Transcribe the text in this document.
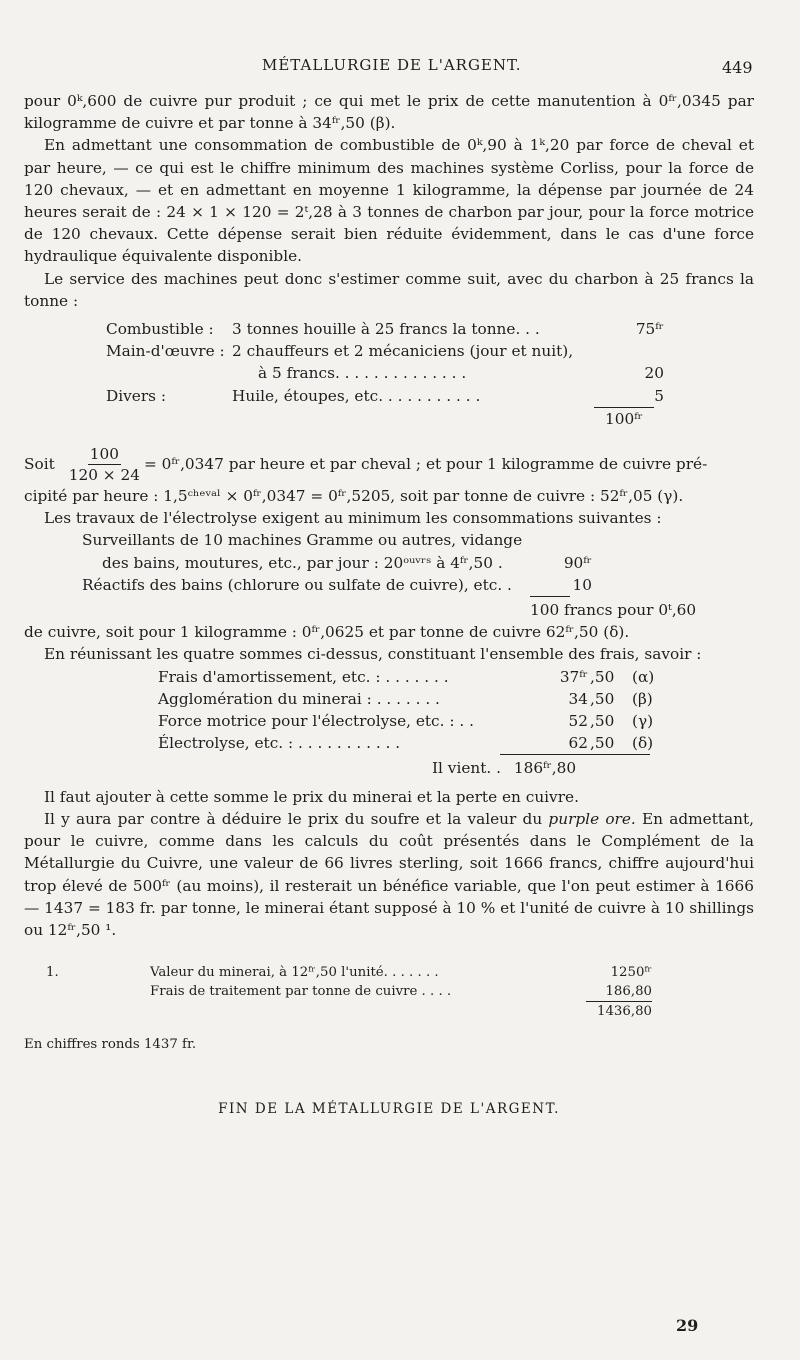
MÉTALLURGIE DE L'ARGENT.	449

pour 0ᵏ,600 de cuivre pur produit ; ce qui met le prix de cette manutention à 0ᶠʳ,0345 par kilogramme de cuivre et par tonne à 34ᶠʳ,50 (β).

En admettant une consommation de combustible de 0ᵏ,90 à 1ᵏ,20 par force de cheval et par heure, — ce qui est le chiffre minimum des machines système Corliss, pour la force de 120 chevaux, — et en admettant en moyenne 1 kilogramme, la dépense par journée de 24 heures serait de : 24 × 1 × 120 = 2ᵗ,28 à 3 tonnes de charbon par jour, pour la force motrice de 120 chevaux. Cette dépense serait bien réduite évidemment, dans le cas d'une force hydraulique équivalente disponible.

Le service des machines peut donc s'estimer comme suit, avec du charbon à 25 francs la tonne :

Combustible :	3 tonnes houille à 25 francs la tonne. . .	75ᶠʳ
Main-d'œuvre : 2 chauffeurs et 2 mécaniciens (jour et nuit),
à 5 francs. . . . . . . . . . . . . .	20
Divers :	Huile, étoupes, etc. . . . . . . . . . .	5
100ᶠʳ
Soit $\frac{100}{120 \times 24}$ = 0ᶠʳ,0347 par heure et par cheval ; et pour 1 kilogramme de cuivre pré-

cipité par heure : 1,5ᶜʰᵉᵛᵃˡ × 0ᶠʳ,0347 = 0ᶠʳ,5205, soit par tonne de cuivre : 52ᶠʳ,05 (γ).

Les travaux de l'électrolyse exigent au minimum les consommations suivantes :

Surveillants de 10 machines Gramme ou autres, vidange
des bains, moutures, etc., par jour : 20ᵒᵘᵛʳˢ à 4ᶠʳ,50 .	90ᶠʳ
Réactifs des bains (chlorure ou sulfate de cuivre), etc. .	10
100 francs pour 0ᵗ,60

de cuivre, soit pour 1 kilogramme : 0ᶠʳ,0625 et par tonne de cuivre 62ᶠʳ,50 (δ).

En réunissant les quatre sommes ci-dessus, constituant l'ensemble des frais, savoir :

Frais d'amortissement, etc. : . . . . . . .	37ᶠʳ ,50	(α)
Agglomération du minerai : . . . . . . .	34 ,50	(β)
Force motrice pour l'électrolyse, etc. : . .	52 ,50	(γ)
Électrolyse, etc. : . . . . . . . . . . .	62 ,50	(δ)
Il vient. . 186ᶠʳ,80

Il faut ajouter à cette somme le prix du minerai et la perte en cuivre.

Il y aura par contre à déduire le prix du soufre et la valeur du purple ore. En admettant, pour le cuivre, comme dans les calculs du coût présentés dans le Complément de la Métallurgie du Cuivre, une valeur de 66 livres sterling, soit 1666 francs, chiffre aujourd'hui trop élevé de 500ᶠʳ (au moins), il resterait un bénéfice variable, que l'on peut estimer à 1666 — 1437 = 183 fr. par tonne, le minerai étant supposé à 10 % et l'unité de cuivre à 10 shillings ou 12ᶠʳ,50 ¹.

1.	Valeur du minerai, à 12ᶠʳ,50 l'unité. . . . . . .	1250ᶠʳ
Frais de traitement par tonne de cuivre . . . .	186,80
1436,80
En chiffres ronds 1437 fr.
FIN DE LA MÉTALLURGIE DE L'ARGENT.
29
